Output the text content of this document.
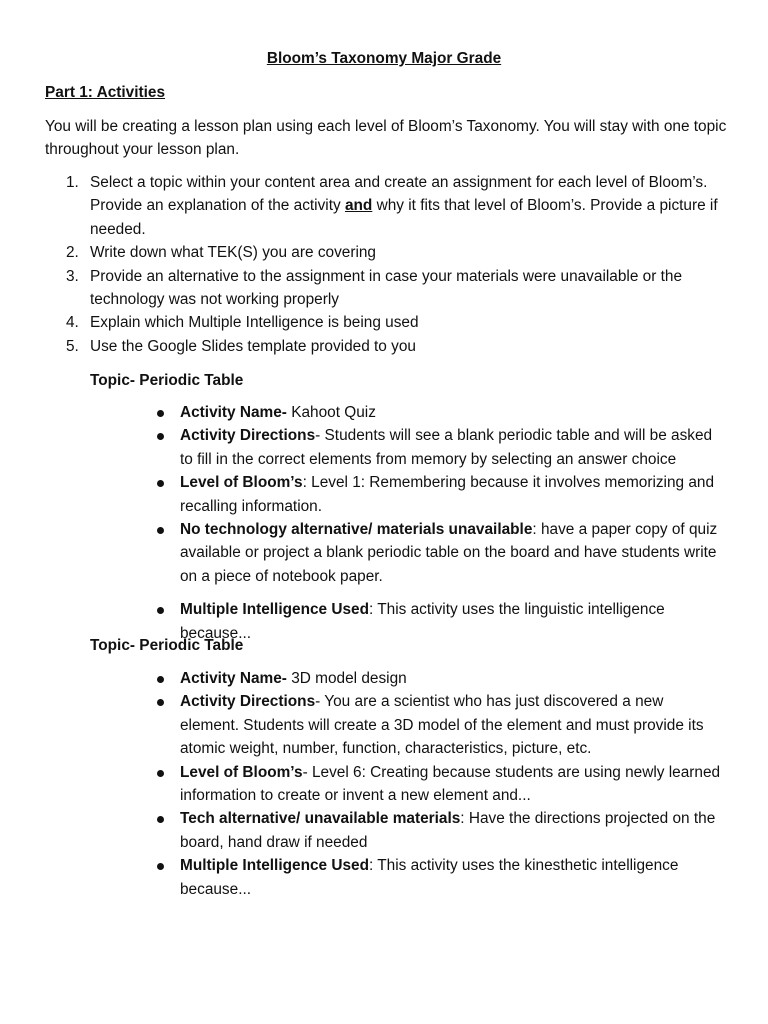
Bloom’s Taxonomy Major Grade
Part 1: Activities
You will be creating a lesson plan using each level of Bloom’s Taxonomy. You will stay with one topic throughout your lesson plan.
1. Select a topic within your content area and create an assignment for each level of Bloom’s. Provide an explanation of the activity and why it fits that level of Bloom’s. Provide a picture if needed.
2. Write down what TEK(S) you are covering
3. Provide an alternative to the assignment in case your materials were unavailable or the technology was not working properly
4. Explain which Multiple Intelligence is being used
5. Use the Google Slides template provided to you
Topic- Periodic Table
Activity Name- Kahoot Quiz
Activity Directions- Students will see a blank periodic table and will be asked to fill in the correct elements from memory by selecting an answer choice
Level of Bloom’s: Level 1: Remembering because it involves memorizing and recalling information.
No technology alternative/ materials unavailable: have a paper copy of quiz available or project a blank periodic table on the board and have students write on a piece of notebook paper.
Multiple Intelligence Used: This activity uses the linguistic intelligence because...
Topic- Periodic Table
Activity Name- 3D model design
Activity Directions- You are a scientist who has just discovered a new element. Students will create a 3D model of the element and must provide its atomic weight, number, function, characteristics, picture, etc.
Level of Bloom’s- Level 6: Creating because students are using newly learned information to create or invent a new element and...
Tech alternative/ unavailable materials: Have the directions projected on the board, hand draw if needed
Multiple Intelligence Used: This activity uses the kinesthetic intelligence because...
